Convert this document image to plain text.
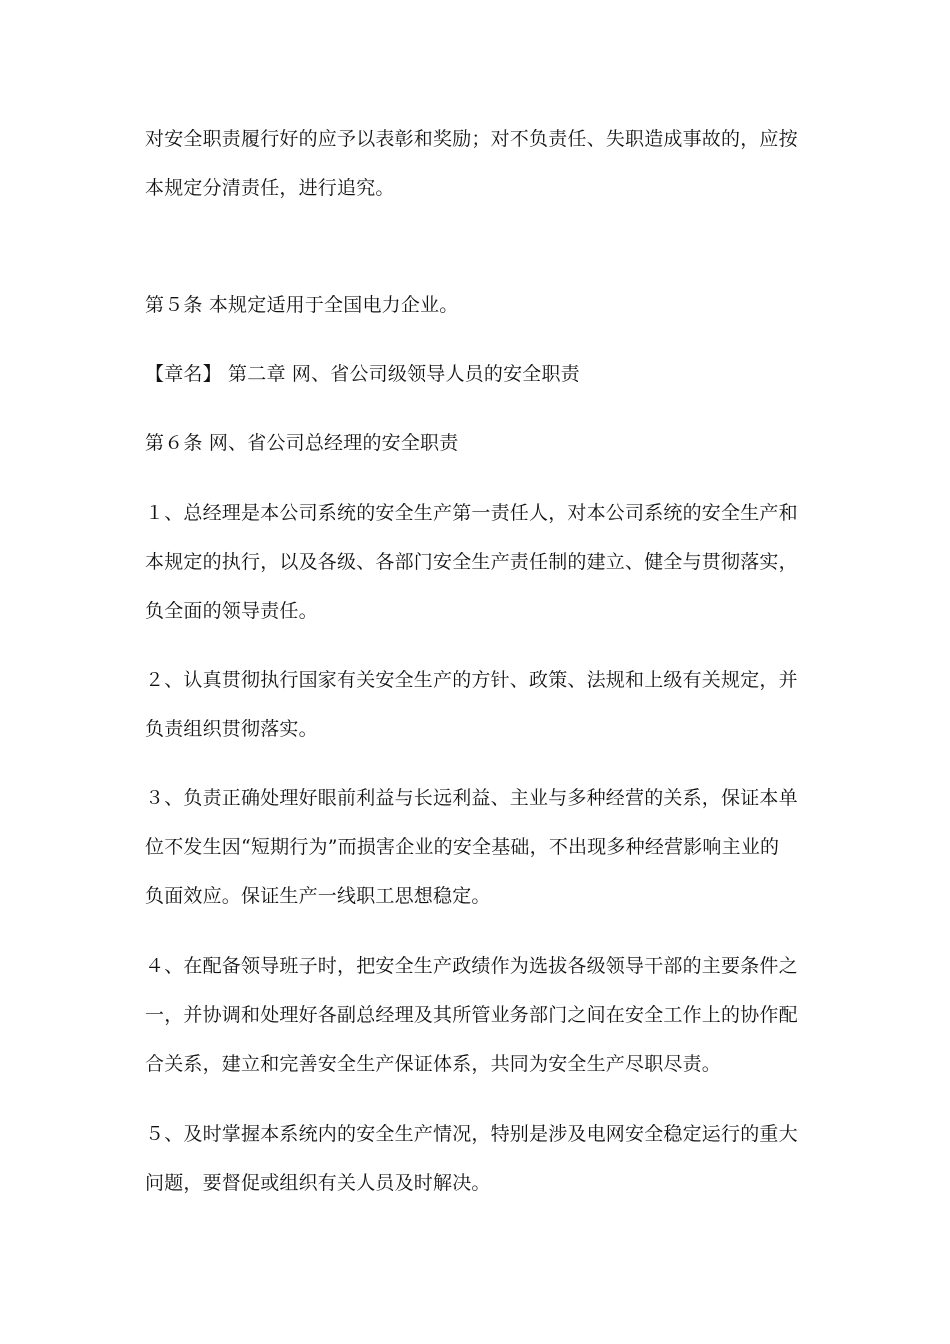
对安全职责履行好的应予以表彰和奖励；对不负责任、失职造成事故的，应按
本规定分清责任，进行追究。
第５条 本规定适用于全国电力企业。
【章名】 第二章 网、省公司级领导人员的安全职责
第６条 网、省公司总经理的安全职责
１、总经理是本公司系统的安全生产第一责任人，对本公司系统的安全生产和
本规定的执行，以及各级、各部门安全生产责任制的建立、健全与贯彻落实，
负全面的领导责任。
２、认真贯彻执行国家有关安全生产的方针、政策、法规和上级有关规定，并
负责组织贯彻落实。
３、负责正确处理好眼前利益与长远利益、主业与多种经营的关系，保证本单
位不发生因“短期行为”而损害企业的安全基础，不出现多种经营影响主业的
负面效应。保证生产一线职工思想稳定。
４、在配备领导班子时，把安全生产政绩作为选拔各级领导干部的主要条件之
一，并协调和处理好各副总经理及其所管业务部门之间在安全工作上的协作配
合关系，建立和完善安全生产保证体系，共同为安全生产尽职尽责。
５、及时掌握本系统内的安全生产情况，特别是涉及电网安全稳定运行的重大
问题，要督促或组织有关人员及时解决。
